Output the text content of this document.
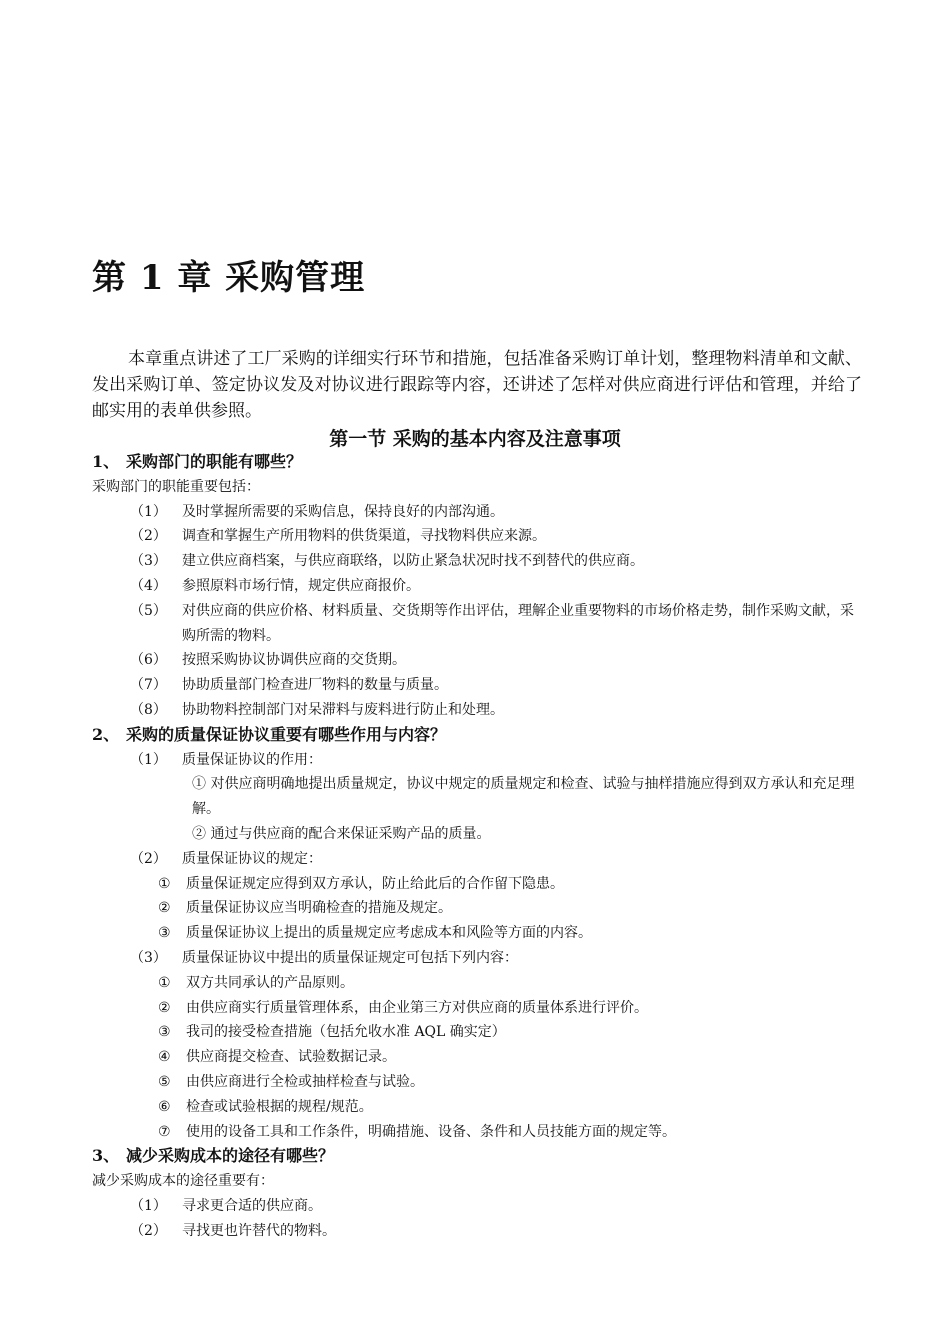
第 1 章 采购管理

本章重点讲述了工厂采购的详细实行环节和措施，包括准备采购订单计划，整理物料清单和文献、发出采购订单、签定协议发及对协议进行跟踪等内容，还讲述了怎样对供应商进行评估和管理，并给了邮实用的表单供参照。

第一节 采购的基本内容及注意事项
1、 采购部门的职能有哪些？
采购部门的职能重要包括：
（1）	及时掌握所需要的采购信息，保持良好的内部沟通。
（2）	调查和掌握生产所用物料的供货渠道，寻找物料供应来源。
（3）	建立供应商档案，与供应商联络，以防止紧急状况时找不到替代的供应商。
（4）	参照原料市场行情，规定供应商报价。
（5）	对供应商的供应价格、材料质量、交货期等作出评估，理解企业重要物料的市场价格走势，制作采购文献，采购所需的物料。
（6）	按照采购协议协调供应商的交货期。
（7）	协助质量部门检查进厂物料的数量与质量。
（8）	协助物料控制部门对呆滞料与废料进行防止和处理。
2、 采购的质量保证协议重要有哪些作用与内容？
（1）	质量保证协议的作用：
① 对供应商明确地提出质量规定，协议中规定的质量规定和检查、试验与抽样措施应得到双方承认和充足理解。
② 通过与供应商的配合来保证采购产品的质量。
（2）	质量保证协议的规定：
①	质量保证规定应得到双方承认，防止给此后的合作留下隐患。
②	质量保证协议应当明确检查的措施及规定。
③	质量保证协议上提出的质量规定应考虑成本和风险等方面的内容。
（3）	质量保证协议中提出的质量保证规定可包括下列内容：
①	双方共同承认的产品原则。
②	由供应商实行质量管理体系，由企业第三方对供应商的质量体系进行评价。
③	我司的接受检查措施（包括允收水准 AQL 确实定）
④	供应商提交检查、试验数据记录。
⑤	由供应商进行全检或抽样检查与试验。
⑥	检查或试验根据的规程/规范。
⑦	使用的设备工具和工作条件，明确措施、设备、条件和人员技能方面的规定等。
3、 减少采购成本的途径有哪些？
减少采购成本的途径重要有：
（1）	寻求更合适的供应商。
（2）	寻找更也许替代的物料。
